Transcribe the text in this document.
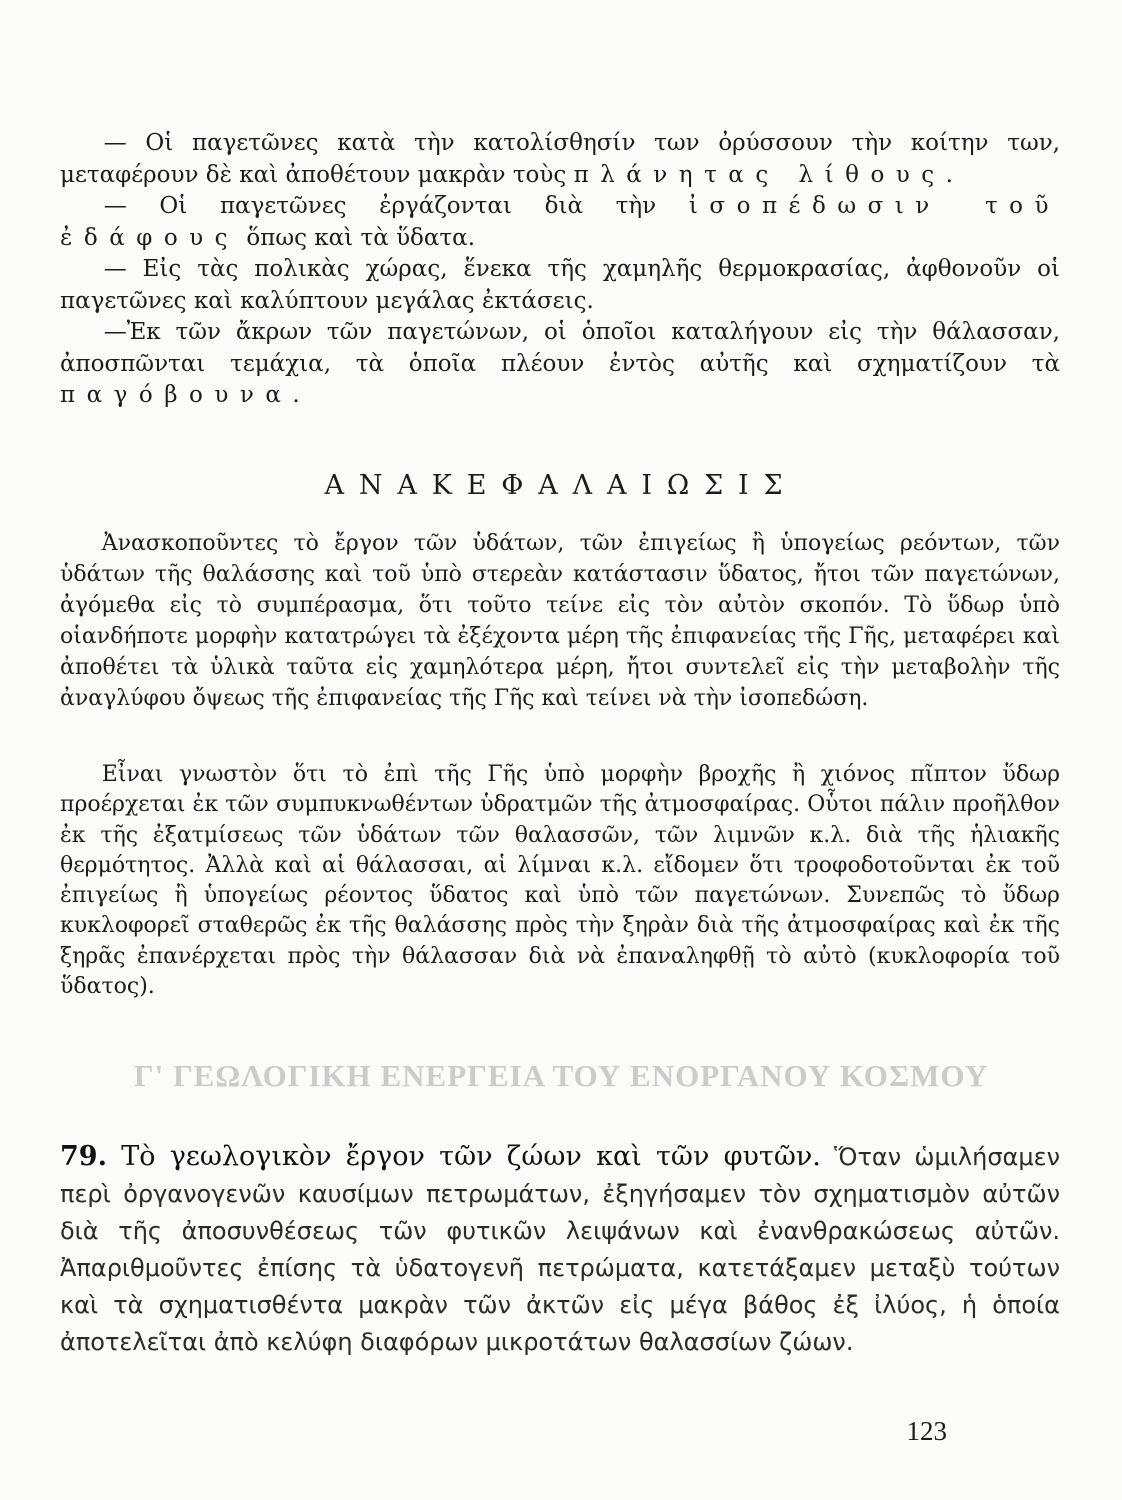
— Οἱ παγετῶνες κατὰ τὴν κατολίσθησίν των ὀρύσσουν τὴν κοίτην των, μεταφέρουν δὲ καὶ ἀποθέτουν μακρὰν τοὺς πλάνητας λίθους.

— Οἱ παγετῶνες ἐργάζονται διὰ τὴν ἰσοπέδωσιν τοῦ ἐδάφους ὅπως καὶ τὰ ὕδατα.

— Εἰς τὰς πολικὰς χώρας, ἕνεκα τῆς χαμηλῆς θερμοκρασίας, ἀφθονοῦν οἱ παγετῶνες καὶ καλύπτουν μεγάλας ἐκτάσεις.

—Ἐκ τῶν ἄκρων τῶν παγετώνων, οἱ ὁποῖοι καταλήγουν εἰς τὴν θάλασσαν, ἀποσπῶνται τεμάχια, τὰ ὁποῖα πλέουν ἐντὸς αὐτῆς καὶ σχηματίζουν τὰ παγόβουνα.

ΑΝΑΚΕΦΑΛΑΙΩΣΙΣ

Ἀνασκοποῦντες τὸ ἔργον τῶν ὑδάτων, τῶν ἐπιγείως ἢ ὑπογείως ρεόντων, τῶν ὑδάτων τῆς θαλάσσης καὶ τοῦ ὑπὸ στερεὰν κατάστασιν ὕδατος, ἤτοι τῶν παγετώνων, ἀγόμεθα εἰς τὸ συμπέρασμα, ὅτι τοῦτο τείνε εἰς τὸν αὐτὸν σκοπόν. Τὸ ὕδωρ ὑπὸ οἱανδήποτε μορφὴν κατατρώγει τὰ ἐξέχοντα μέρη τῆς ἐπιφανείας τῆς Γῆς, μεταφέρει καὶ ἀποθέτει τὰ ὑλικὰ ταῦτα εἰς χαμηλότερα μέρη, ἤτοι συντελεῖ εἰς τὴν μεταβολὴν τῆς ἀναγλύφου ὄψεως τῆς ἐπιφανείας τῆς Γῆς καὶ τείνει νὰ τὴν ἰσοπεδώση.

Εἶναι γνωστὸν ὅτι τὸ ἐπὶ τῆς Γῆς ὑπὸ μορφὴν βροχῆς ἢ χιόνος πῖπτον ὕδωρ προέρχεται ἐκ τῶν συμπυκνωθέντων ὑδρατμῶν τῆς ἀτμοσφαίρας. Οὗτοι πάλιν προῆλθον ἐκ τῆς ἐξατμίσεως τῶν ὑδάτων τῶν θαλασσῶν, τῶν λιμνῶν κ.λ. διὰ τῆς ἡλιακῆς θερμότητος. Ἀλλὰ καὶ αἱ θάλασσαι, αἱ λίμναι κ.λ. εἴδομεν ὅτι τροφοδοτοῦνται ἐκ τοῦ ἐπιγείως ἢ ὑπογείως ρέοντος ὕδατος καὶ ὑπὸ τῶν παγετώνων. Συνεπῶς τὸ ὕδωρ κυκλοφορεῖ σταθερῶς ἐκ τῆς θαλάσσης πρὸς τὴν ξηρὰν διὰ τῆς ἀτμοσφαίρας καὶ ἐκ τῆς ξηρᾶς ἐπανέρχεται πρὸς τὴν θάλασσαν διὰ νὰ ἐπαναληφθῇ τὸ αὐτὸ (κυκλοφορία τοῦ ὕδατος).

Γ' ΓΕΩΛΟΓΙΚΗ ΕΝΕΡΓΕΙΑ ΤΟΥ ΕΝΟΡΓΑΝΟΥ ΚΟΣΜΟΥ

79. Τὸ γεωλογικὸν ἔργον τῶν ζώων καὶ τῶν φυτῶν. Ὅταν ὡμιλήσαμεν περὶ ὀργανογενῶν καυσίμων πετρωμάτων, ἐξηγήσαμεν τὸν σχηματισμὸν αὐτῶν διὰ τῆς ἀποσυνθέσεως τῶν φυτικῶν λειψάνων καὶ ἐνανθρακώσεως αὐτῶν. Ἀπαριθμοῦντες ἐπίσης τὰ ὑδατογενῆ πετρώματα, κατετάξαμεν μεταξὺ τούτων καὶ τὰ σχηματισθέντα μακρὰν τῶν ἀκτῶν εἰς μέγα βάθος ἐξ ἰλύος, ἡ ὁποία ἀποτελεῖται ἀπὸ κελύφη διαφόρων μικροτάτων θαλασσίων ζώων.

123
